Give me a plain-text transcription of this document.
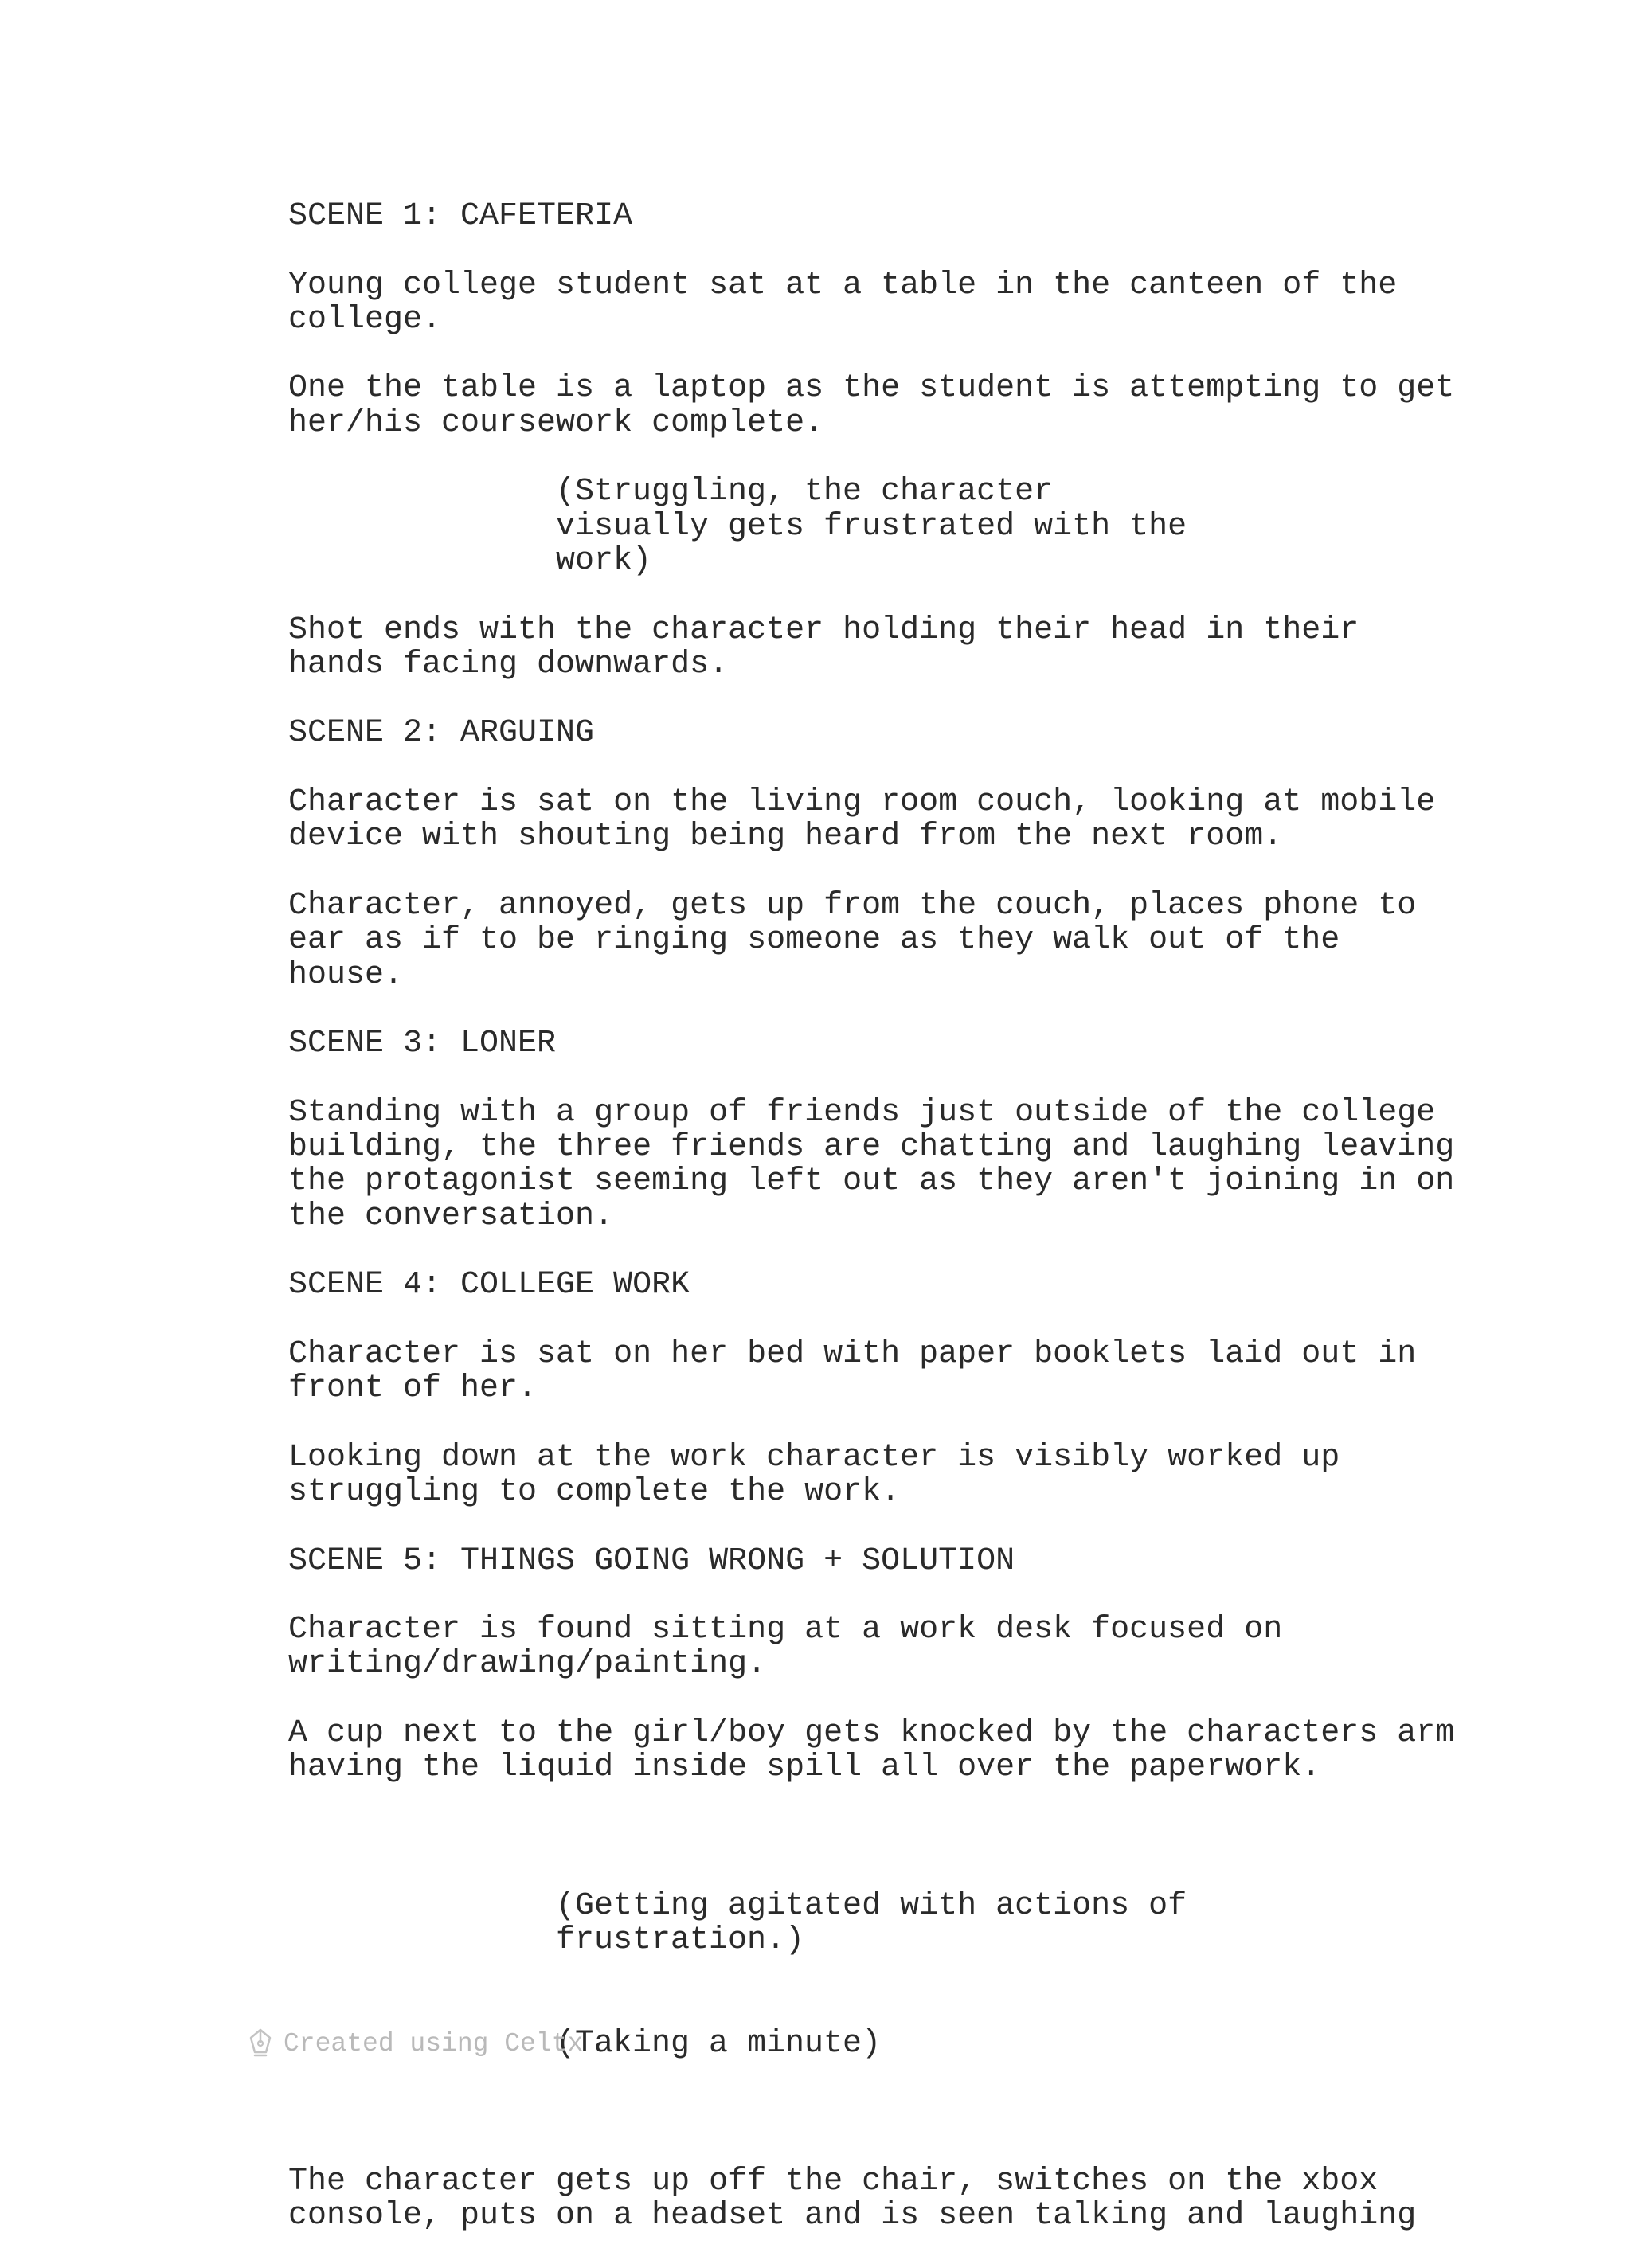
SCENE 1: CAFETERIA
Young college student sat at a table in the canteen of the college.
One the table is a laptop as the student is attempting to get her/his coursework complete.
(Struggling, the character visually gets frustrated with the work)
Shot ends with the character holding their head in their hands facing downwards.
SCENE 2: ARGUING
Character is sat on the living room couch, looking at mobile device with shouting being heard from the next room.
Character, annoyed, gets up from the couch, places phone to ear as if to be ringing someone as they walk out of the house.
SCENE 3: LONER
Standing with a group of friends just outside of the college building, the three friends are chatting and laughing leaving the protagonist seeming left out as they aren't joining in on the conversation.
SCENE 4: COLLEGE WORK
Character is sat on her bed with paper booklets laid out in front of her.
Looking down at the work character is visibly worked up struggling to complete the work.
SCENE 5: THINGS GOING WRONG + SOLUTION
Character is found sitting at a work desk focused on writing/drawing/painting.
A cup next to the girl/boy gets knocked by the characters arm having the liquid inside spill all over the paperwork.

(Getting agitated with actions of frustration.)

(Taking a minute)

The character gets up off the chair, switches on the xbox console, puts on a headset and is seen talking and laughing
Created using Celtx
